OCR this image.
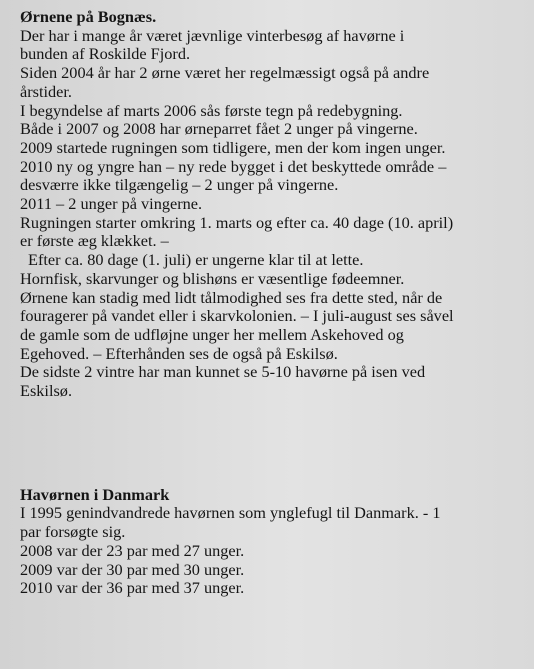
Ørnene på Bognæs.

Der har i mange år været jævnlige vinterbesøg af havørne i

bunden af Roskilde Fjord.

Siden 2004 år har 2 ørne været her regelmæssigt også på andre

årstider.

I begyndelse af marts 2006 sås første tegn på redebygning.

Både i 2007 og 2008 har ørneparret fået 2 unger på vingerne.

2009 startede rugningen som tidligere, men der kom ingen unger.

2010 ny og yngre han – ny rede bygget i det beskyttede område –

desværre ikke tilgængelig – 2 unger på vingerne.

2011 – 2 unger på vingerne.

Rugningen starter omkring 1. marts og efter ca. 40 dage (10. april)

er første æg klækket. –

Efter ca. 80 dage (1. juli) er ungerne klar til at lette.

Hornfisk, skarvunger og blishøns er væsentlige fødeemner.

Ørnene kan stadig med lidt tålmodighed ses fra dette sted, når de

fouragerer på vandet eller i skarvkolonien. – I juli-august ses såvel

de gamle som de udfløjne unger her mellem Askehoved og

Egehoved. – Efterhånden ses de også på Eskilsø.

De sidste 2 vintre har man kunnet se 5-10 havørne på isen ved

Eskilsø.

Havørnen i Danmark

I 1995 genindvandrede havørnen som ynglefugl til Danmark. - 1

par forsøgte sig.

2008 var der 23 par med 27 unger.

2009 var der 30 par med 30 unger.

2010 var der 36 par med 37 unger.
